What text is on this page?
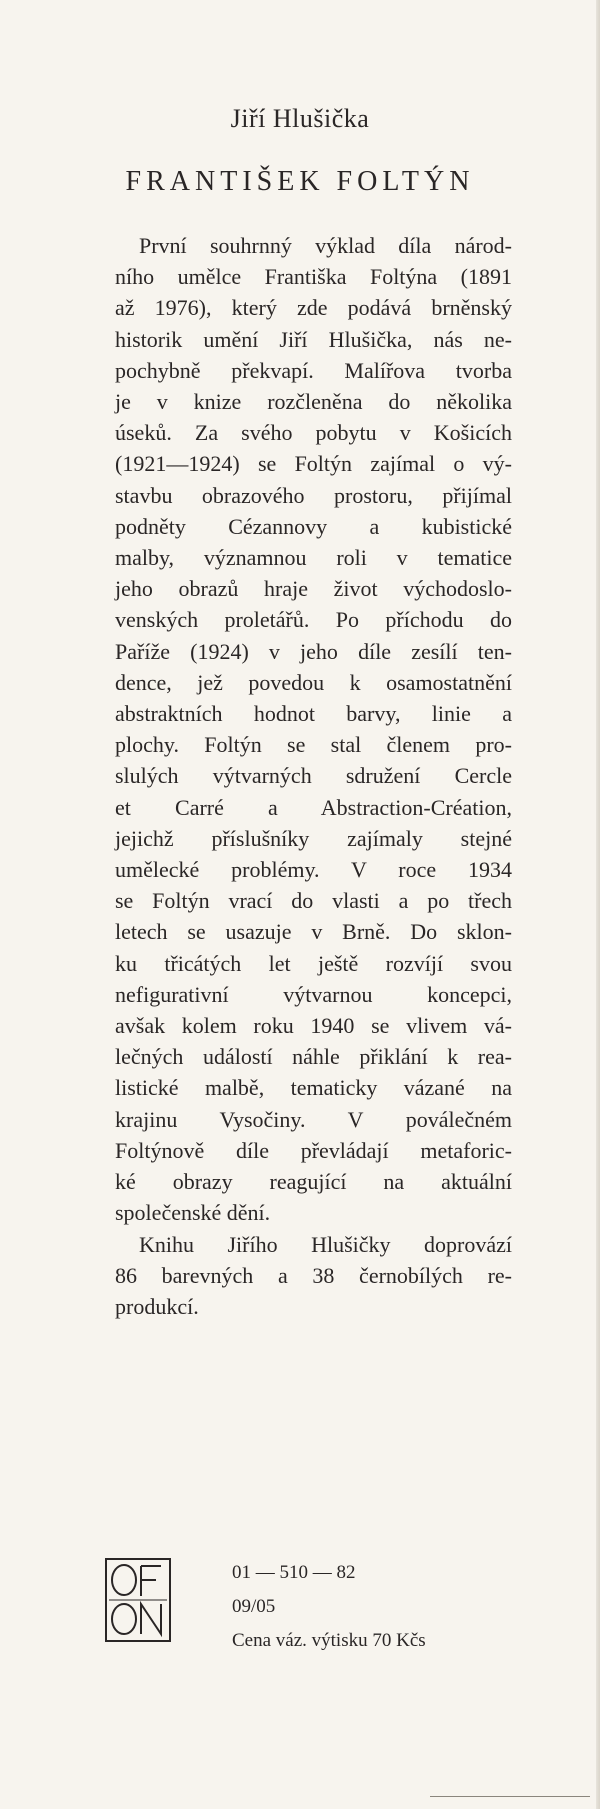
Jiří Hlušička
FRANTIŠEK FOLTÝN
První souhrnný výklad díla národ-
ního umělce Františka Foltýna (1891
až 1976), který zde podává brněnský
historik umění Jiří Hlušička, nás ne-
pochybně překvapí. Malířova tvorba
je v knize rozčleněna do několika
úseků. Za svého pobytu v Košicích
(1921—1924) se Foltýn zajímal o vý-
stavbu obrazového prostoru, přijímal
podněty Cézannovy a kubistické
malby, významnou roli v tematice
jeho obrazů hraje život východoslo-
venských proletářů. Po příchodu do
Paříže (1924) v jeho díle zesílí ten-
dence, jež povedou k osamostatnění
abstraktních hodnot barvy, linie a
plochy. Foltýn se stal členem pro-
slulých výtvarných sdružení Cercle
et Carré a Abstraction-Création,
jejichž příslušníky zajímaly stejné
umělecké problémy. V roce 1934
se Foltýn vrací do vlasti a po třech
letech se usazuje v Brně. Do sklon-
ku třicátých let ještě rozvíjí svou
nefigurativní výtvarnou koncepci,
avšak kolem roku 1940 se vlivem vá-
lečných událostí náhle přiklání k rea-
listické malbě, tematicky vázané na
krajinu Vysočiny. V poválečném
Foltýnově díle převládají metaforic-
ké obrazy reagující na aktuální
společenské dění.
Knihu Jiřího Hlušičky doprovází
86 barevných a 38 černobílých re-
produkcí.
01 — 510 — 82
09/05
Cena váz. výtisku 70 Kčs
